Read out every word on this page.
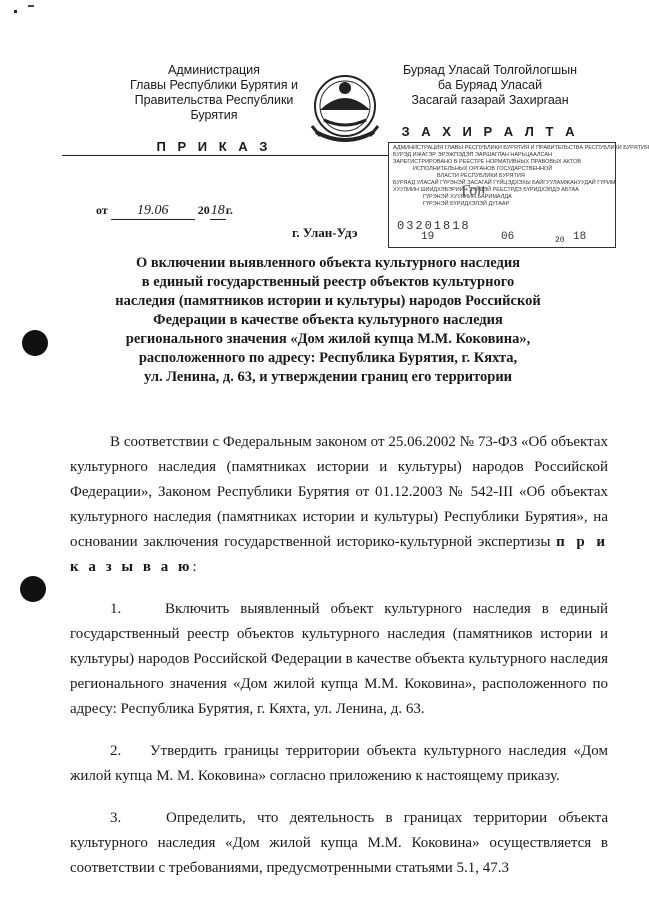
Администрация
Главы Республики Бурятия и
Правительства Республики Бурятия
П Р И К А З
Буряад Уласай Толгойлогшын
ба Буряад Уласай
Засагай газарай Захиргаан
З А Х И Р А Л Т А
АДМИНИСТРАЦИЯ ГЛАВЫ РЕСПУБЛИКИ БУРЯТИЯ И ПРАВИТЕЛЬСТВА РЕСПУБЛИКИ БУРЯТИЯ
БУРЭД ИЖАГЭР ЭРЭЖПЭДЭП ЭАРШАГЛАН НАРЬЦААЛСАН
ЗАРЕГИСТРИРОВАНО В РЕЕСТРЕ НОРМАТИВНЫХ ПРАВОВЫХ АКТОВ
ИСПОЛНИТЕЛЬНЫХ ОРГАНОВ ГОСУДАРСТВЕННОЙ
ВЛАСТИ РЕСПУБЛИКИ БУРЯТИЯ
БУРЯАД УЛАСАЙ ГҮРЭНЭЙ ЗАСАГАЙ ГҮЙЦЭДХЭХЫ БАЙГУУЛАМЖАНУУДАЙ ГҮРИМ
ХУУЛИИН ШИИДХЭБЭРИИН ЗҮЙЛЭЙ РЕЕСТРДЭ БҮРИДХЭЛДЭ АБТАА
ГҮРЭНЭЙ ХУУЛИИН БАРИМАЛДА
ГҮРЭНЭЙ БҮРИДХЭЛЭЙ ДУГААР
Гон
03201818
19	06	20 18
от 19.06 2018г.
г. Улан-Удэ
О включении выявленного объекта культурного наследия
в единый государственный реестр объектов культурного
наследия (памятников истории и культуры) народов Российской
Федерации в качестве объекта культурного наследия
регионального значения «Дом жилой купца М.М. Коковина»,
расположенного по адресу: Республика Бурятия, г. Кяхта,
ул. Ленина, д. 63, и утверждении границ его территории

В соответствии с Федеральным законом от 25.06.2002 № 73-ФЗ «Об объектах культурного наследия (памятниках истории и культуры) народов Российской Федерации», Законом Республики Бурятия от 01.12.2003 № 542-III «Об объектах культурного наследия (памятниках истории и культуры) Республики Бурятия», на основании заключения государственной историко-культурной экспертизы п р и к а з ы в а ю:

1.    Включить выявленный объект культурного наследия в единый государственный реестр объектов культурного наследия (памятников истории и культуры) народов Российской Федерации в качестве объекта культурного наследия регионального значения «Дом жилой купца М.М. Коковина», расположенного по адресу: Республика Бурятия, г. Кяхта, ул. Ленина, д. 63.

2.    Утвердить границы территории объекта культурного наследия «Дом жилой купца М. М. Коковина» согласно приложению к настоящему приказу.

3.    Определить, что деятельность в границах территории объекта культурного наследия «Дом жилой купца М.М. Коковина» осуществляется в соответствии с требованиями, предусмотренными статьями 5.1, 47.3
